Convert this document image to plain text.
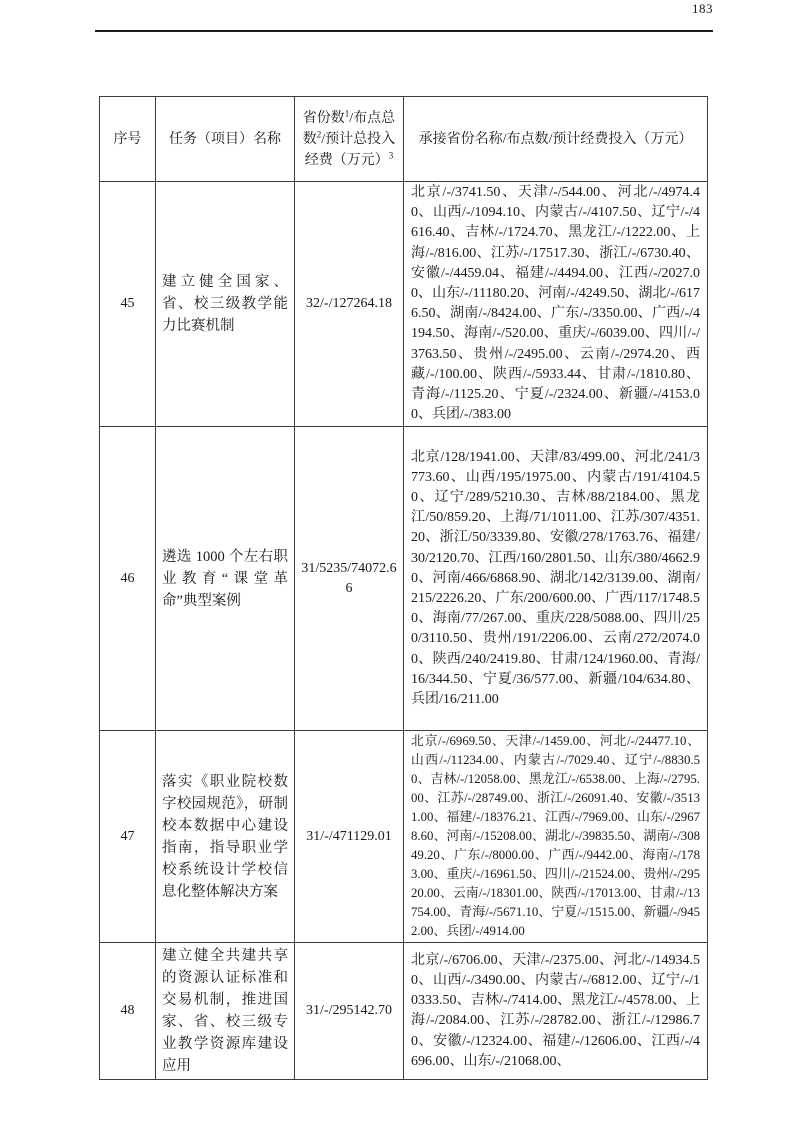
183
序号	任务（项目）名称	省份数$^1$/布点总数$^2$/预计总投入经费（万元）$^3$	承接省份名称/布点数/预计经费投入（万元）
45	建立健全国家、省、校三级教学能力比赛机制	32/-/127264.18	北京/-/3741.50、天津/-/544.00、河北/-/4974.40、山西/-/1094.10、内蒙古/-/4107.50、辽宁/-/4616.40、吉林/-/1724.70、黑龙江/-/1222.00、上海/-/816.00、江苏/-/17517.30、浙江/-/6730.40、安徽/-/4459.04、福建/-/4494.00、江西/-/2027.00、山东/-/11180.20、河南/-/4249.50、湖北/-/6176.50、湖南/-/8424.00、广东/-/3350.00、广西/-/4194.50、海南/-/520.00、重庆/-/6039.00、四川/-/3763.50、贵州/-/2495.00、云南/-/2974.20、西藏/-/100.00、陕西/-/5933.44、甘肃/-/1810.80、青海/-/1125.20、宁夏/-/2324.00、新疆/-/4153.00、兵团/-/383.00
46	遴选 1000 个左右职业教育“课堂革命”典型案例	31/5235/74072.66	北京/128/1941.00、天津/83/499.00、河北/241/3773.60、山西/195/1975.00、内蒙古/191/4104.50、辽宁/289/5210.30、吉林/88/2184.00、黑龙江/50/859.20、上海/71/1011.00、江苏/307/4351.20、浙江/50/3339.80、安徽/278/1763.76、福建/30/2120.70、江西/160/2801.50、山东/380/4662.90、河南/466/6868.90、湖北/142/3139.00、湖南/215/2226.20、广东/200/600.00、广西/117/1748.50、海南/77/267.00、重庆/228/5088.00、四川/250/3110.50、贵州/191/2206.00、云南/272/2074.00、陕西/240/2419.80、甘肃/124/1960.00、青海/16/344.50、宁夏/36/577.00、新疆/104/634.80、兵团/16/211.00
47	落实《职业院校数字校园规范》，研制校本数据中心建设指南，指导职业学校系统设计学校信息化整体解决方案	31/-/471129.01	北京/-/6969.50、天津/-/1459.00、河北/-/24477.10、山西/-/11234.00、内蒙古/-/7029.40、辽宁/-/8830.50、吉林/-/12058.00、黑龙江/-/6538.00、上海/-/2795.00、江苏/-/28749.00、浙江/-/26091.40、安徽/-/35131.00、福建/-/18376.21、江西/-/7969.00、山东/-/29678.60、河南/-/15208.00、湖北/-/39835.50、湖南/-/30849.20、广东/-/8000.00、广西/-/9442.00、海南/-/1783.00、重庆/-/16961.50、四川/-/21524.00、贵州/-/29520.00、云南/-/18301.00、陕西/-/17013.00、甘肃/-/13754.00、青海/-/5671.10、宁夏/-/1515.00、新疆/-/9452.00、兵团/-/4914.00
48	建立健全共建共享的资源认证标准和交易机制，推进国家、省、校三级专业教学资源库建设应用	31/-/295142.70	北京/-/6706.00、天津/-/2375.00、河北/-/14934.50、山西/-/3490.00、内蒙古/-/6812.00、辽宁/-/10333.50、吉林/-/7414.00、黑龙江/-/4578.00、上海/-/2084.00、江苏/-/28782.00、浙江/-/12986.70、安徽/-/12324.00、福建/-/12606.00、江西/-/4696.00、山东/-/21068.00、
